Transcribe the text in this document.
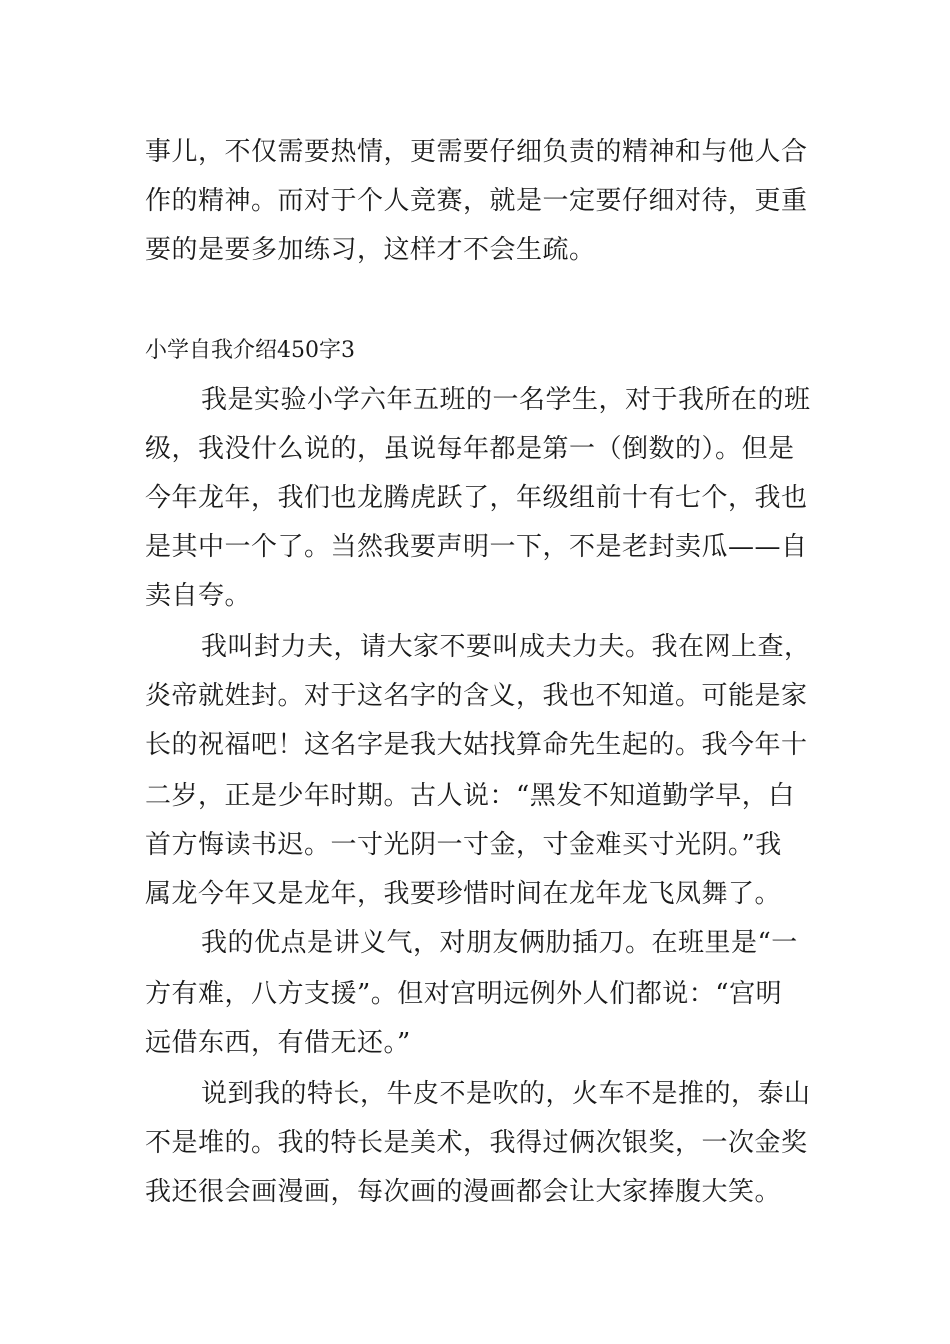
事儿，不仅需要热情，更需要仔细负责的精神和与他人合
作的精神。而对于个人竞赛，就是一定要仔细对待，更重
要的是要多加练习，这样才不会生疏。
小学自我介绍450字3
我是实验小学六年五班的一名学生，对于我所在的班
级，我没什么说的，虽说每年都是第一（倒数的）。但是
今年龙年，我们也龙腾虎跃了，年级组前十有七个，我也
是其中一个了。当然我要声明一下，不是老封卖瓜——自
卖自夸。
我叫封力夫，请大家不要叫成夫力夫。我在网上查，
炎帝就姓封。对于这名字的含义，我也不知道。可能是家
长的祝福吧！这名字是我大姑找算命先生起的。我今年十
二岁，正是少年时期。古人说：“黑发不知道勤学早，白
首方悔读书迟。一寸光阴一寸金，寸金难买寸光阴。”我
属龙今年又是龙年，我要珍惜时间在龙年龙飞凤舞了。
我的优点是讲义气，对朋友俩肋插刀。在班里是“一
方有难，八方支援”。但对宫明远例外人们都说：“宫明
远借东西，有借无还。”
说到我的特长，牛皮不是吹的，火车不是推的，泰山
不是堆的。我的特长是美术，我得过俩次银奖，一次金奖
我还很会画漫画，每次画的漫画都会让大家捧腹大笑。
